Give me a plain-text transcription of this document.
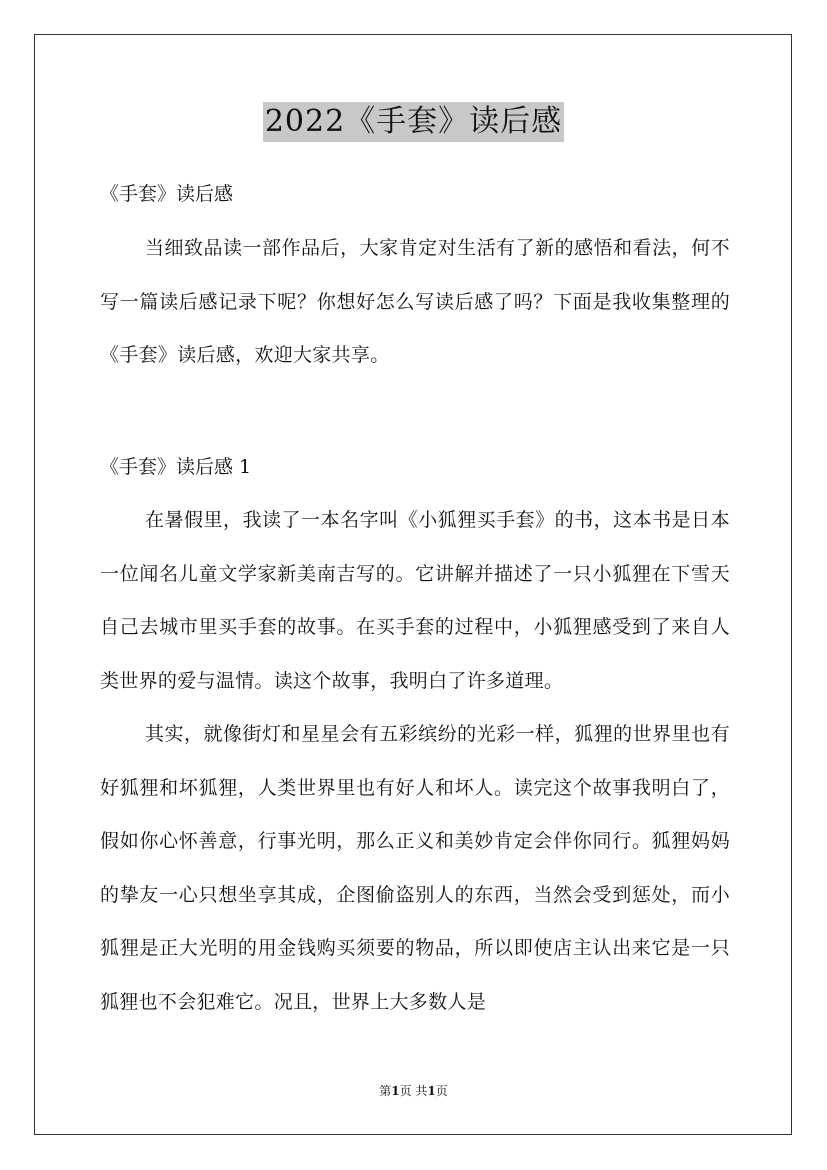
2022《手套》读后感
《手套》读后感

当细致品读一部作品后，大家肯定对生活有了新的感悟和看法，何不写一篇读后感记录下呢？你想好怎么写读后感了吗？下面是我收集整理的《手套》读后感，欢迎大家共享。

《手套》读后感 1

在暑假里，我读了一本名字叫《小狐狸买手套》的书，这本书是日本一位闻名儿童文学家新美南吉写的。它讲解并描述了一只小狐狸在下雪天自己去城市里买手套的故事。在买手套的过程中，小狐狸感受到了来自人类世界的爱与温情。读这个故事，我明白了许多道理。

其实，就像街灯和星星会有五彩缤纷的光彩一样，狐狸的世界里也有好狐狸和坏狐狸，人类世界里也有好人和坏人。读完这个故事我明白了，假如你心怀善意，行事光明，那么正义和美妙肯定会伴你同行。狐狸妈妈的挚友一心只想坐享其成，企图偷盗别人的东西，当然会受到惩处，而小狐狸是正大光明的用金钱购买须要的物品，所以即使店主认出来它是一只狐狸也不会犯难它。况且，世界上大多数人是

第1页 共1页
